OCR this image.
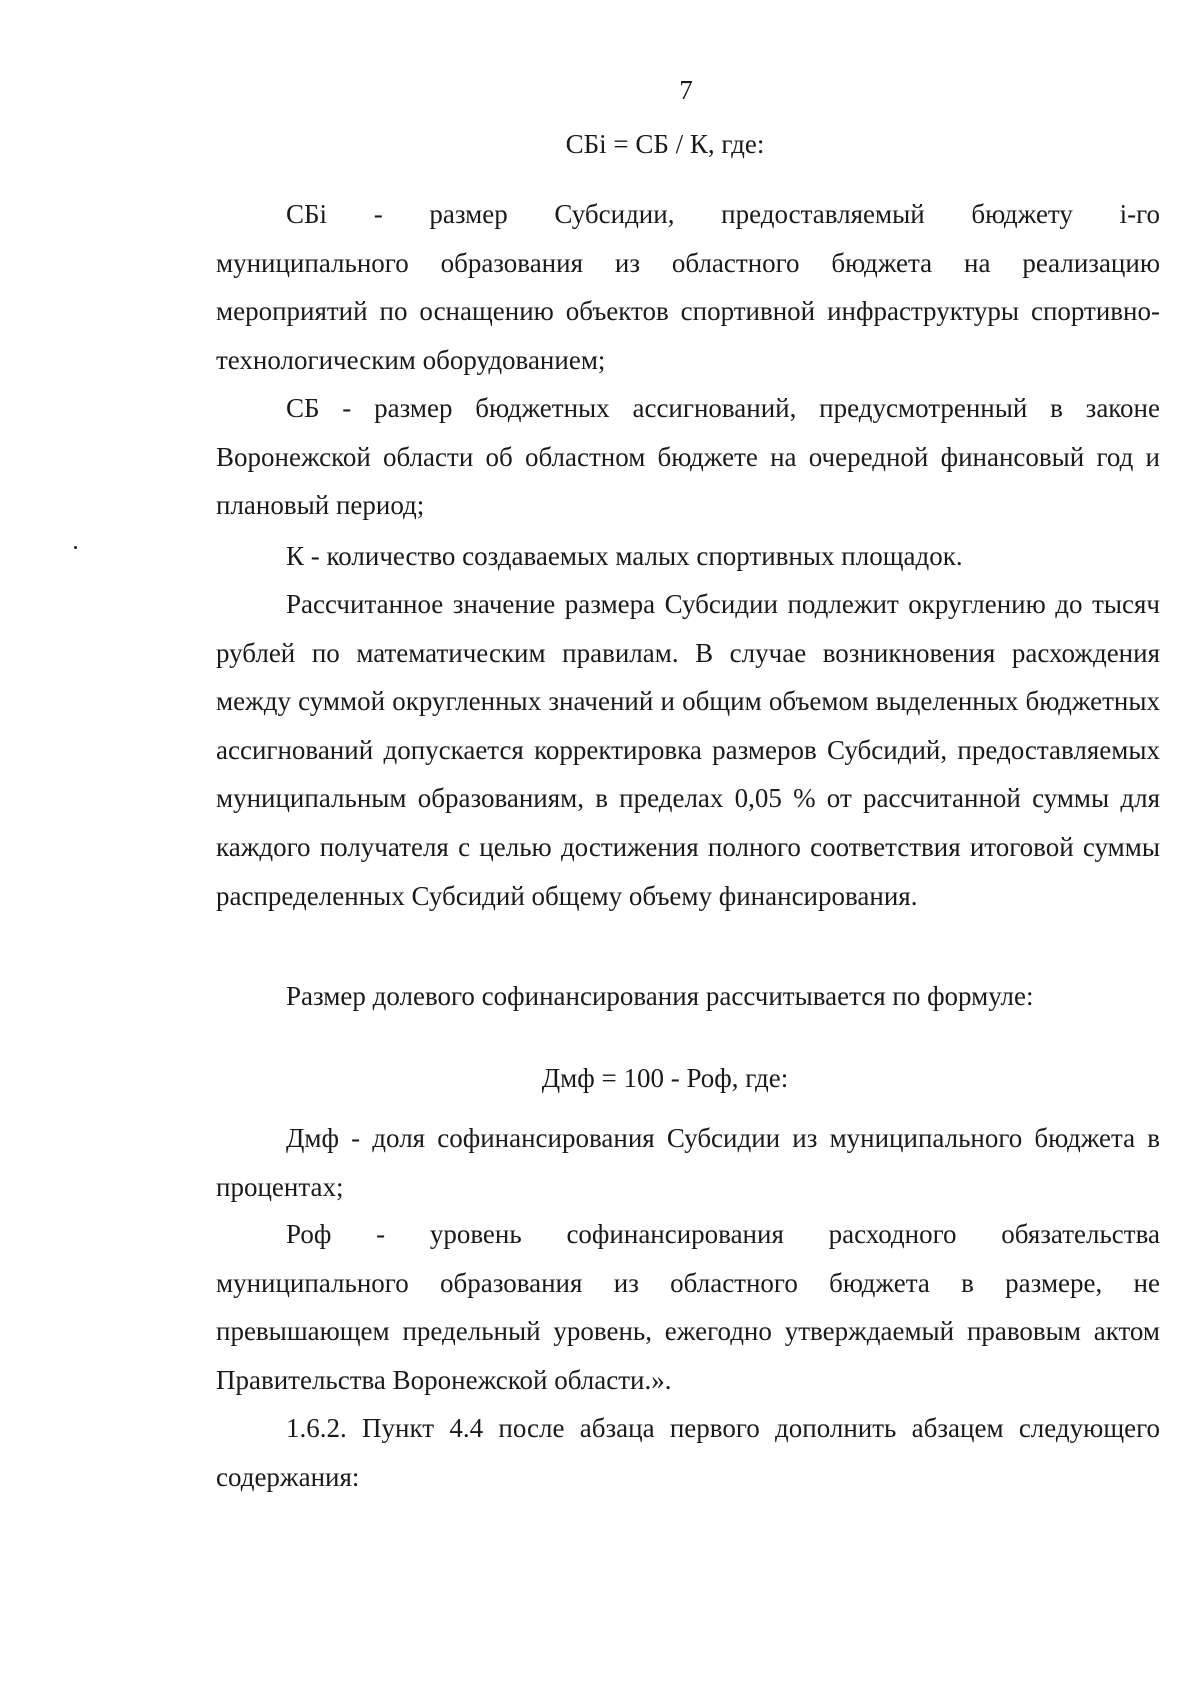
7
СБi = СБ / К, где:
СБi - размер Субсидии, предоставляемый бюджету i-го
муниципального образования из областного бюджета на реализацию мероприятий по оснащению объектов спортивной инфраструктуры спортивно-технологическим оборудованием;

СБ - размер бюджетных ассигнований, предусмотренный в законе Воронежской области об областном бюджете на очередной финансовый год и плановый период;

К - количество создаваемых малых спортивных площадок.

Рассчитанное значение размера Субсидии подлежит округлению до тысяч рублей по математическим правилам. В случае возникновения расхождения между суммой округленных значений и общим объемом выделенных бюджетных ассигнований допускается корректировка размеров Субсидий, предоставляемых муниципальным образованиям, в пределах 0,05 % от рассчитанной суммы для каждого получателя с целью достижения полного соответствия итоговой суммы распределенных Субсидий общему объему финансирования.

Размер долевого софинансирования рассчитывается по формуле:

Дмф = 100 - Роф, где:

Дмф - доля софинансирования Субсидии из муниципального бюджета в процентах;

Роф - уровень софинансирования расходного обязательства
муниципального образования из областного бюджета в размере, не превышающем предельный уровень, ежегодно утверждаемый правовым актом Правительства Воронежской области.».

1.6.2. Пункт 4.4 после абзаца первого дополнить абзацем следующего содержания:
